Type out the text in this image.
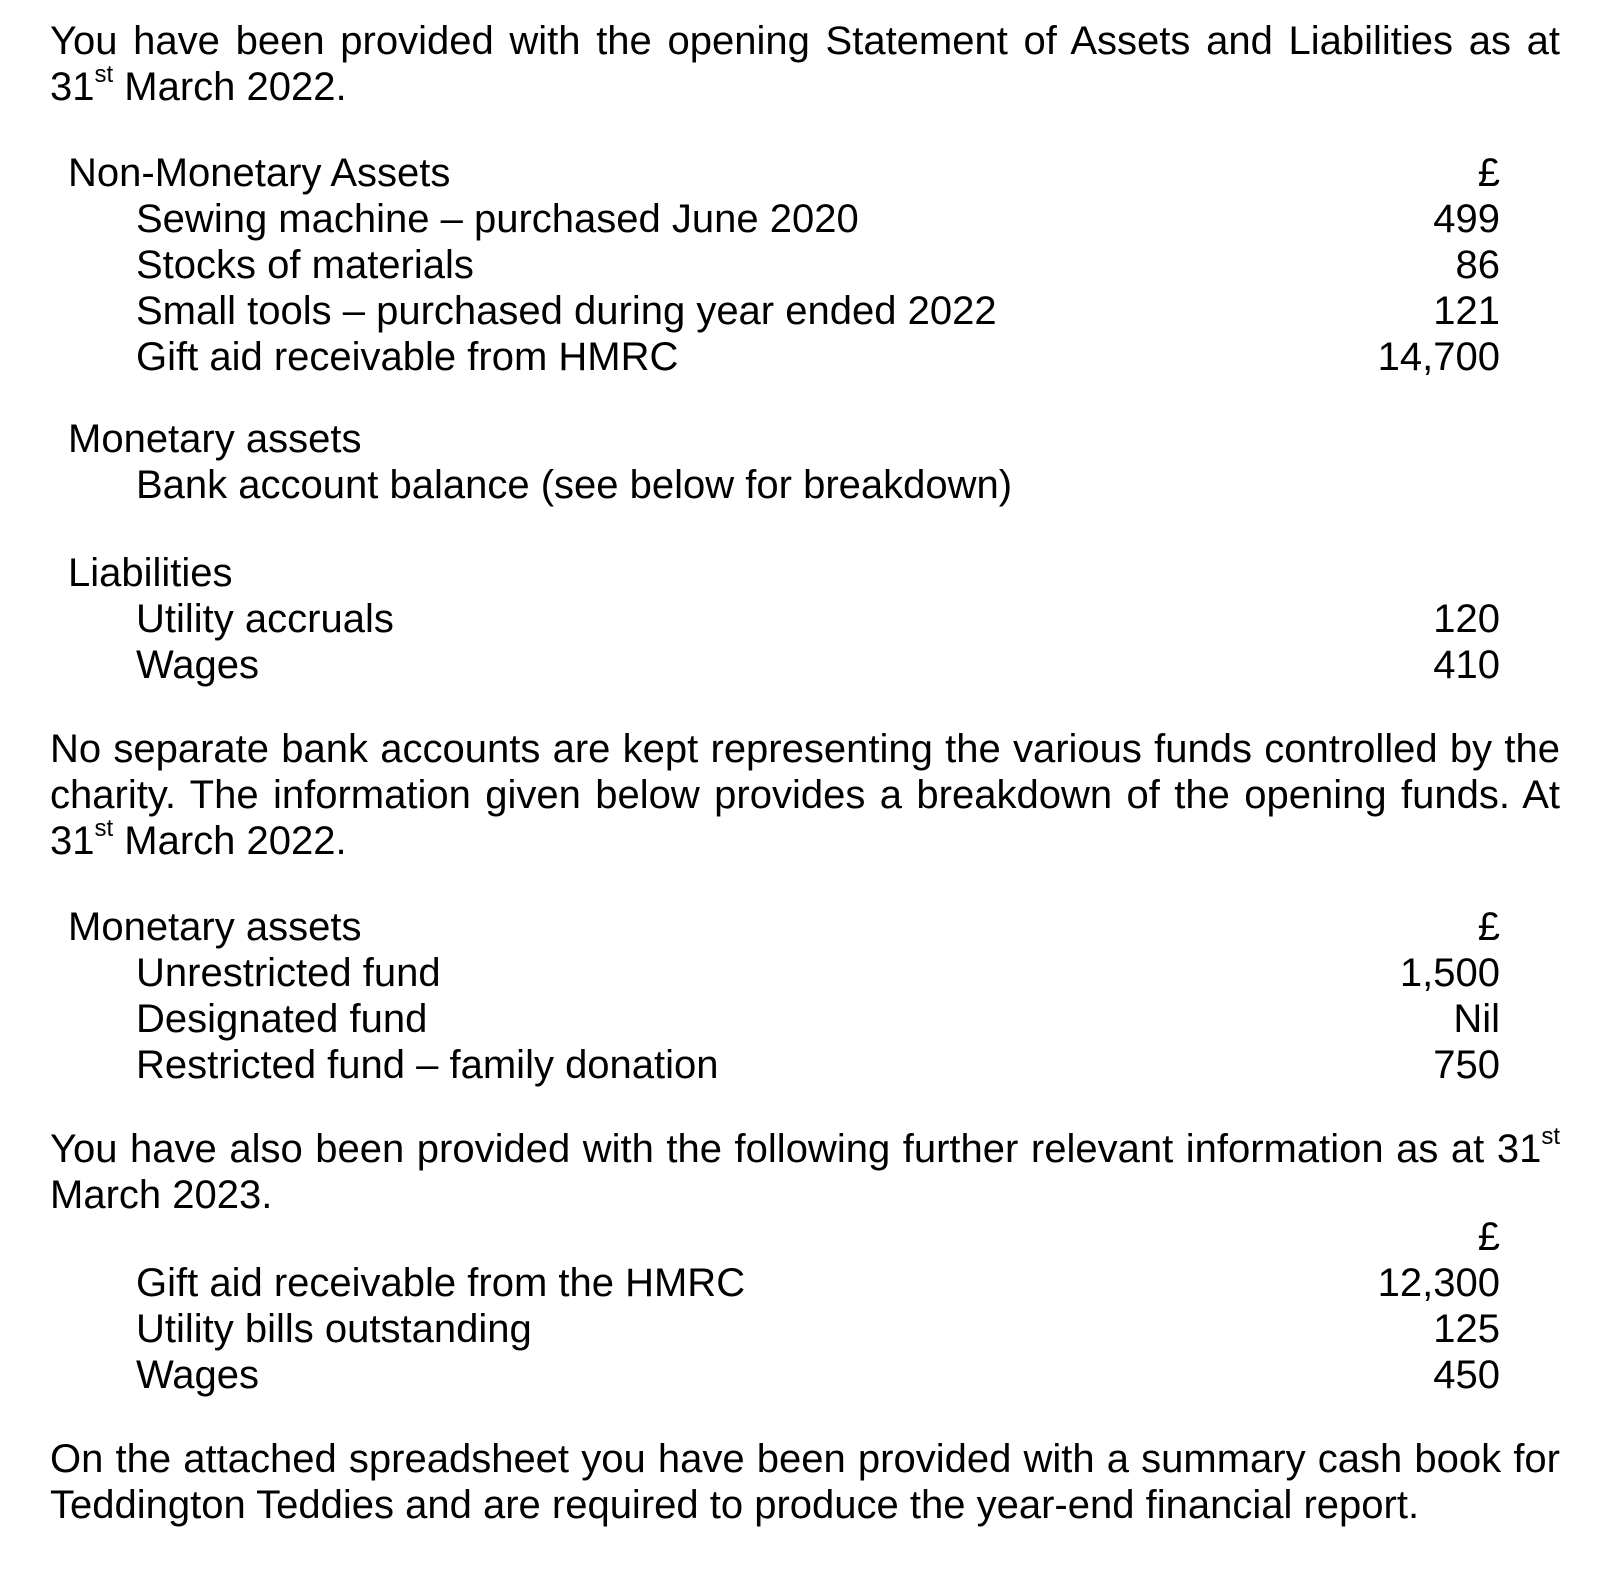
You have been provided with the opening Statement of Assets and Liabilities as at 31st March 2022.

Non-Monetary Assets	£
Sewing machine – purchased June 2020	499
Stocks of materials	86
Small tools – purchased during year ended 2022	121
Gift aid receivable from HMRC	14,700
Monetary assets
Bank account balance (see below for breakdown)
Liabilities
Utility accruals	120
Wages	410

No separate bank accounts are kept representing the various funds controlled by the charity. The information given below provides a breakdown of the opening funds. At 31st March 2022.

Monetary assets	£
Unrestricted fund	1,500
Designated fund	Nil
Restricted fund – family donation	750

You have also been provided with the following further relevant information as at 31st March 2023.

£
Gift aid receivable from the HMRC	12,300
Utility bills outstanding	125
Wages	450

On the attached spreadsheet you have been provided with a summary cash book for Teddington Teddies and are required to produce the year-end financial report.
